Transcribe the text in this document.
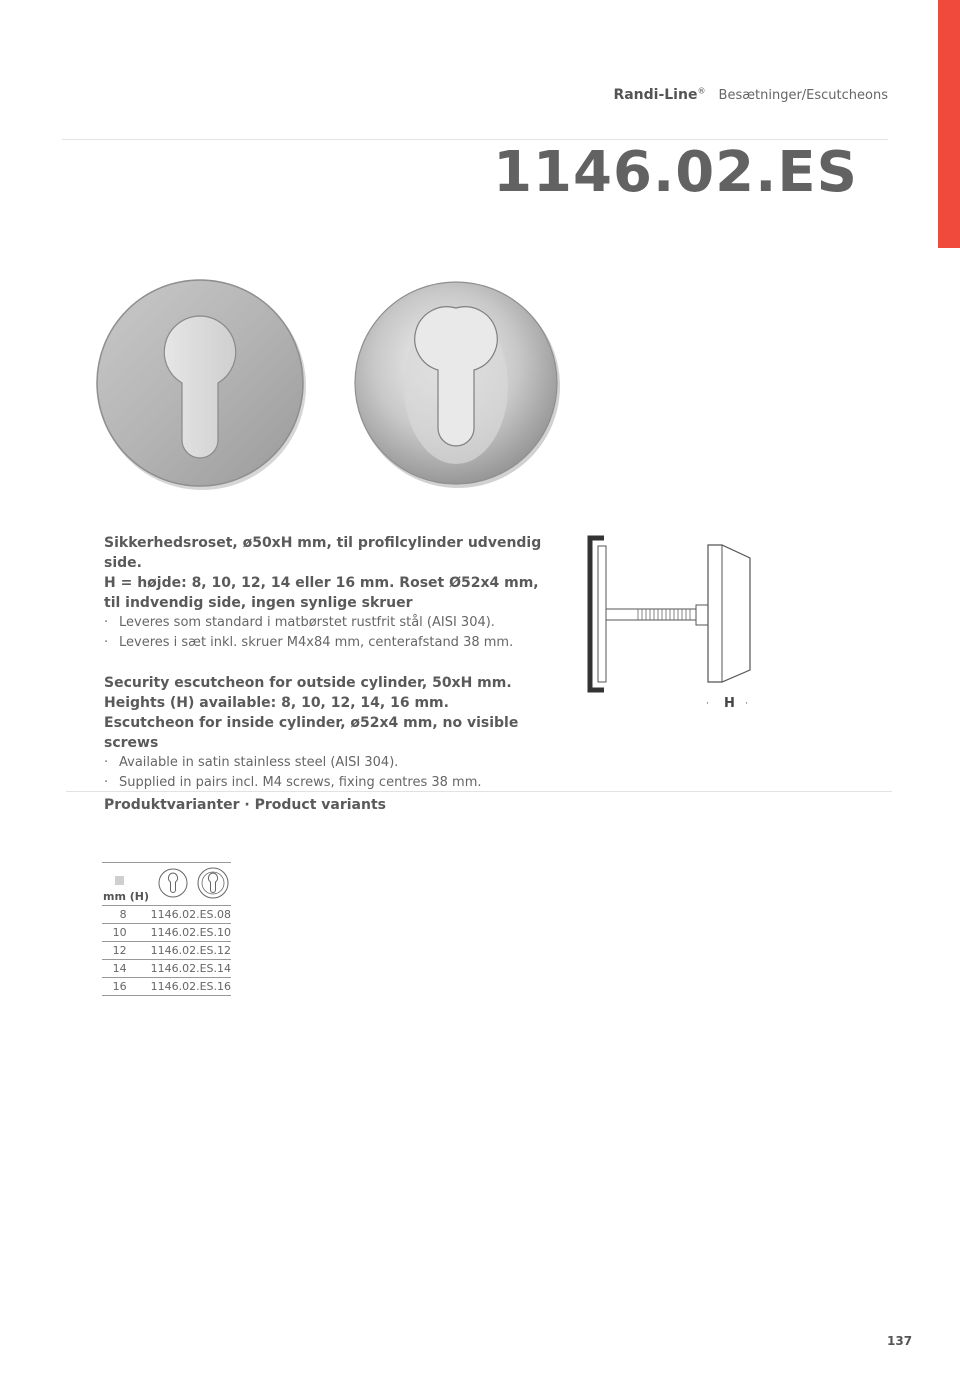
Randi-Line® Besætninger/Escutcheons
1146.02.ES

Sikkerhedsroset, ø50xH mm, til profilcylinder udvendig side.

H = højde: 8, 10, 12, 14 eller 16 mm. Roset Ø52x4 mm,

til indvendig side, ingen synlige skruer

· Leveres som standard i matbørstet rustfrit stål (AISI 304).
· Leveres i sæt inkl. skruer M4x84 mm, centerafstand 38 mm.

Security escutcheon for outside cylinder, 50xH mm.

Heights (H) available: 8, 10, 12, 14, 16 mm.

Escutcheon for inside cylinder, ø52x4 mm, no visible screws

· Available in satin stainless steel (AISI 304).
· Supplied in pairs incl. M4 screws, fixing centres 38 mm.
·	·
H
Produktvarianter · Product variants
mm (H)
8 1146.02.ES.08
10 1146.02.ES.10
12 1146.02.ES.12
14 1146.02.ES.14
16 1146.02.ES.16
137
